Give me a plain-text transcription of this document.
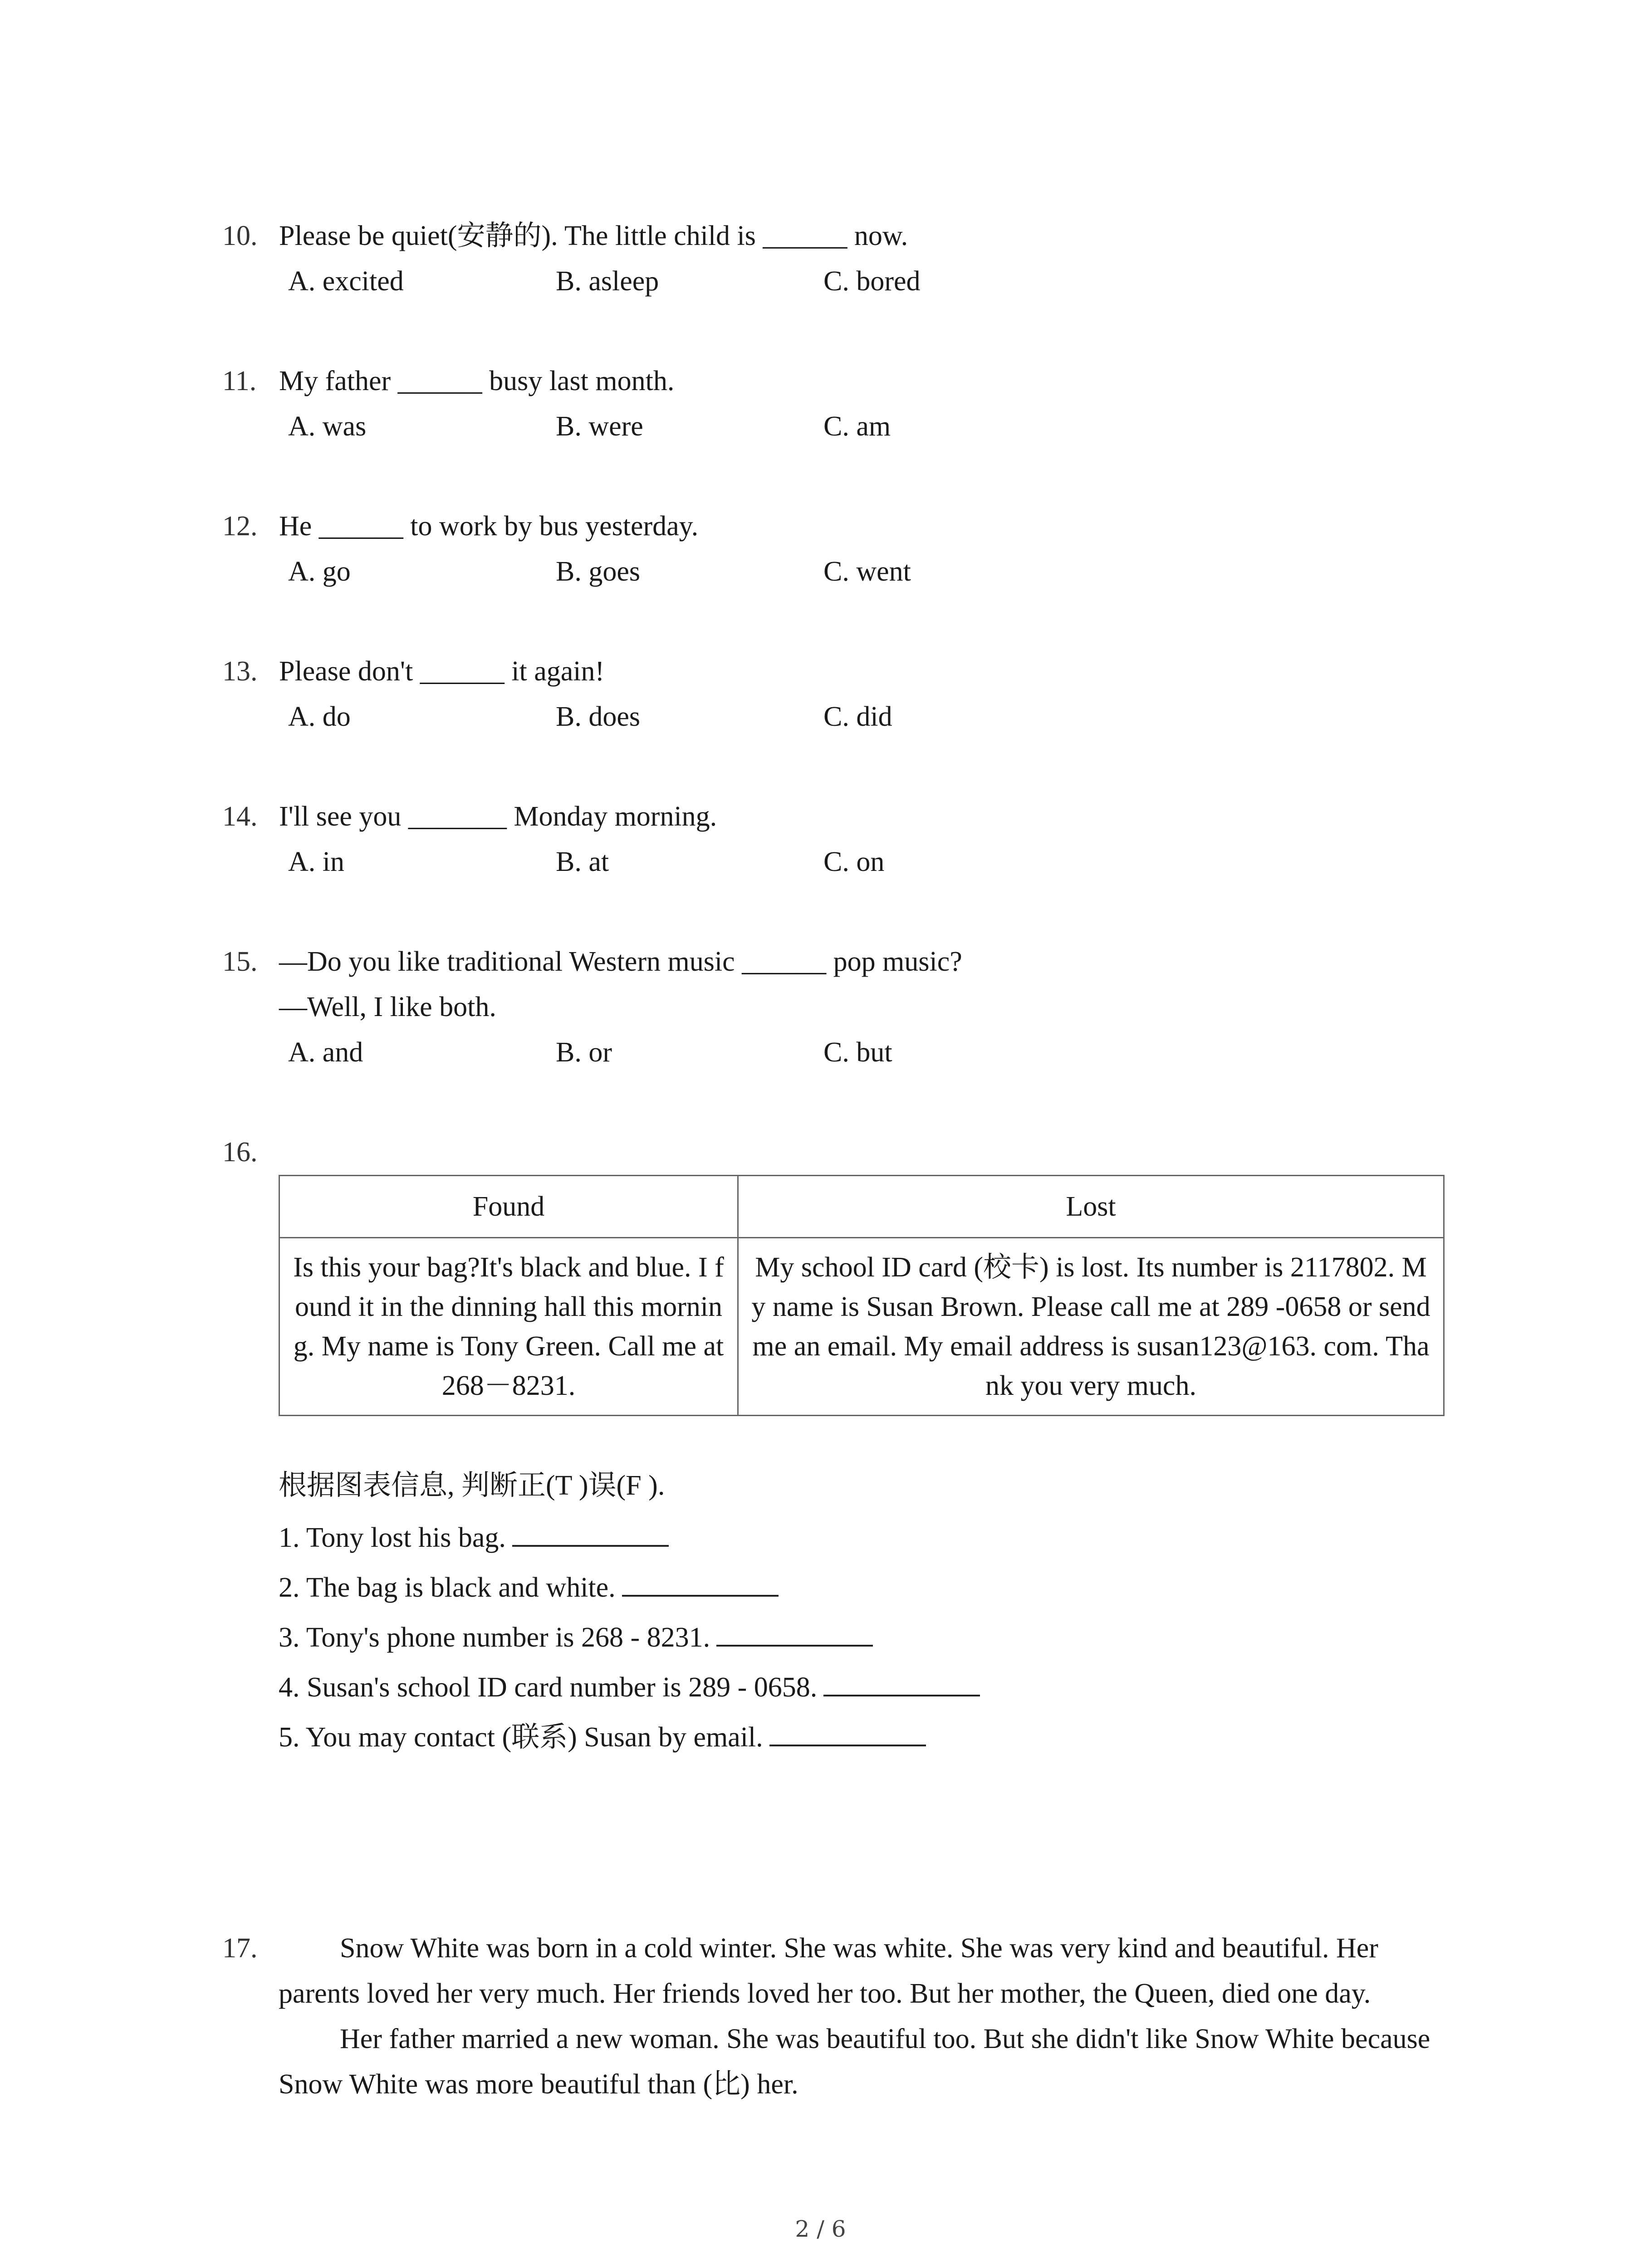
10. Please be quiet(安静的). The little child is ______ now.
A. excited	B. asleep	C. bored
11. My father ______ busy last month.
A. was	B. were	C. am
12. He ______ to work by bus yesterday.
A. go	B. goes	C. went
13. Please don't ______ it again!
A. do	B. does	C. did
14. I'll see you _______ Monday morning.
A. in	B. at	C. on
15. —Do you like traditional Western music ______ pop music?
—Well, I like both.
A. and	B. or	C. but
16.
Found	Lost
Is this your bag?It's black and blue. I found it in the dinning hall this morning. My name is Tony Green. Call me at 268－8231.	My school ID card (校卡) is lost. Its number is 2117802. My name is Susan Brown. Please call me at 289 -0658 or send me an email. My email address is susan123@163. com. Thank you very much.
根据图表信息, 判断正(T )误(F ).
1. Tony lost his bag.
2. The bag is black and white.
3. Tony's phone number is 268 - 8231.
4. Susan's school ID card number is 289 - 0658.
5. You may contact (联系) Susan by email.
17.	Snow White was born in a cold winter. She was white. She was very kind and beautiful. Her parents loved her very much. Her friends loved her too. But her mother, the Queen, died one day.

Her father married a new woman. She was beautiful too. But she didn't like Snow White because Snow White was more beautiful than (比) her.

2 / 6
